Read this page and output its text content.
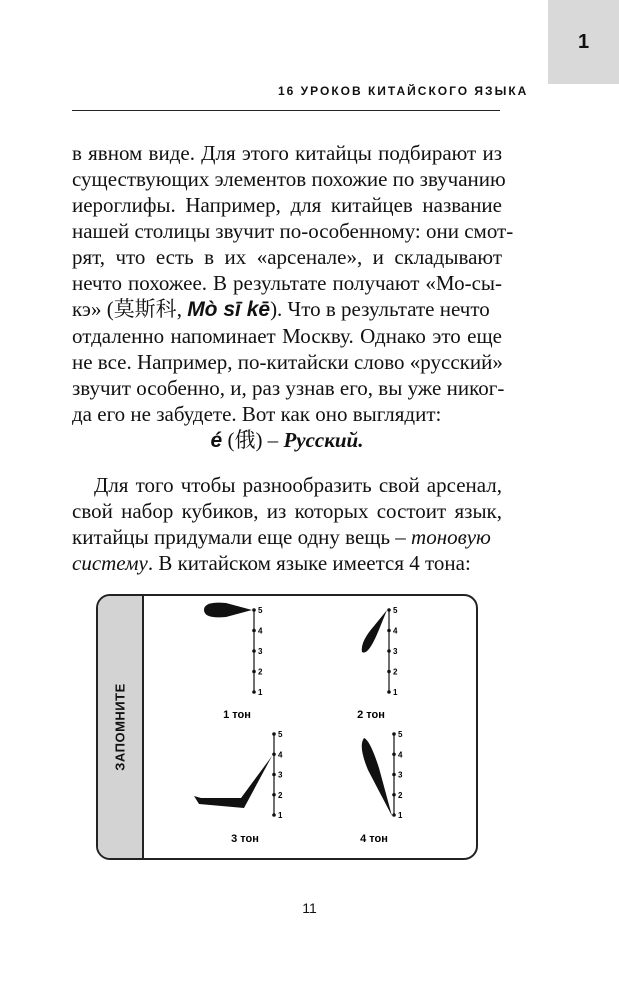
1
16 УРОКОВ КИТАЙСКОГО ЯЗЫКА
в явном виде. Для этого китайцы подбирают из
существующих элементов похожие по звучанию
иероглифы. Например, для китайцев название
нашей столицы звучит по-особенному: они смот-
рят, что есть в их «арсенале», и складывают
нечто похожее. В результате получают «Мо-сы-
кэ» (莫斯科, Mò sī kē). Что в результате нечто
отдаленно напоминает Москву. Однако это еще
не все. Например, по-китайски слово «русский»
звучит особенно, и, раз узнав его, вы уже никог-
да его не забудете. Вот как оно выглядит:
é (俄) – Русский.
Для того чтобы разнообразить свой арсенал,
свой набор кубиков, из которых состоит язык,
китайцы придумали еще одну вещь – тоновую
систему. В китайском языке имеется 4 тона:
ЗАПОМНИТЕ	1 тон	2 тон
3 тон	4 тон
5
4
3
2
1
5
4
3
2
1
5
4
3
2
1
5
4
3
2
1
11
